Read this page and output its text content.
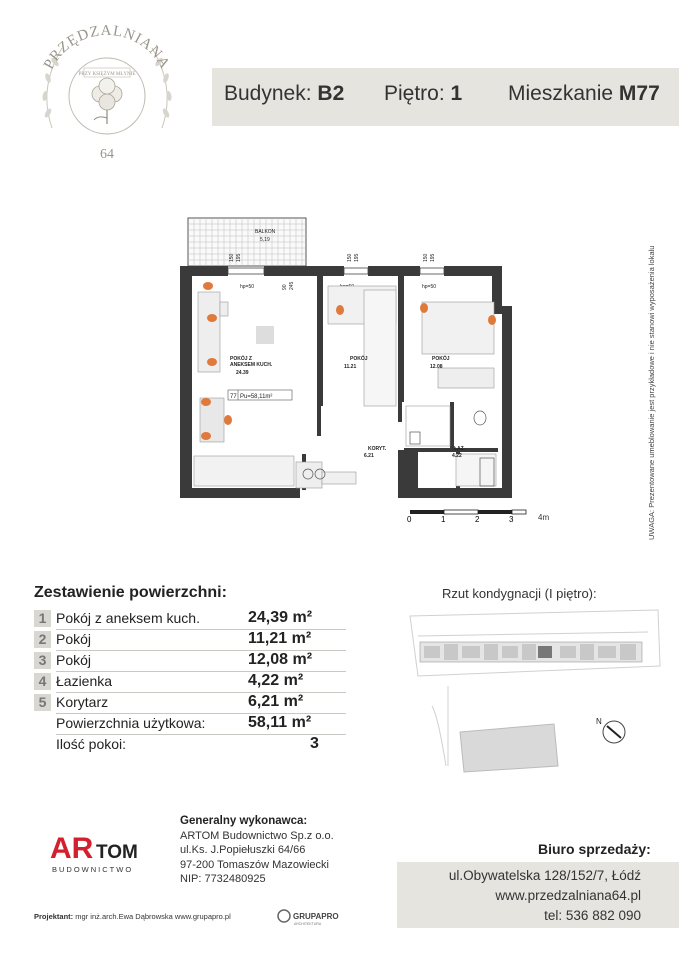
PRZĘDZALNIANA
PRZY KSIĘŻYM MŁYNIE
64
Budynek: B2 Piętro: 1 Mieszkanie M77
BALKON
5,19
hp=50	hp=50
150 195	150 195	150 195
90 245
POKÓJ Z
ANEKSEM KUCH.
24.39
POKÓJ
11.21
POKÓJ
12.08
KORYT.
6.21
ŁAZ.
4.22
77 Pu=58,11m²
0	1	2	3	4m	UWAGA: Prezentowane umeblowanie jest przykładowe i nie stanowi wyposażenia lokalu
Zestawienie powierzchni:
1 Pokój z aneksem kuch.	24,39 m²
2 Pokój	11,21 m²
3 Pokój	12,08 m²
4 Łazienka	4,22 m²
5 Korytarz	6,21 m²
Powierzchnia użytkowa:	58,11 m²
Ilość pokoi:	3
Rzut kondygnacji (I piętro):
N
AR TOM
BUDOWNICTWO
Generalny wykonawca:
ARTOM Budownictwo Sp.z o.o.
ul.Ks. J.Popiełuszki 64/66
97-200 Tomaszów Mazowiecki
NIP: 7732480925
Biuro sprzedaży:
ul.Obywatelska 128/152/7, Łódź
www.przedzalniana64.pl
tel: 536 882 090
Projektant: mgr inż.arch.Ewa Dąbrowska www.grupapro.pl	GRUPAPRO
ARCHITEKTURA
